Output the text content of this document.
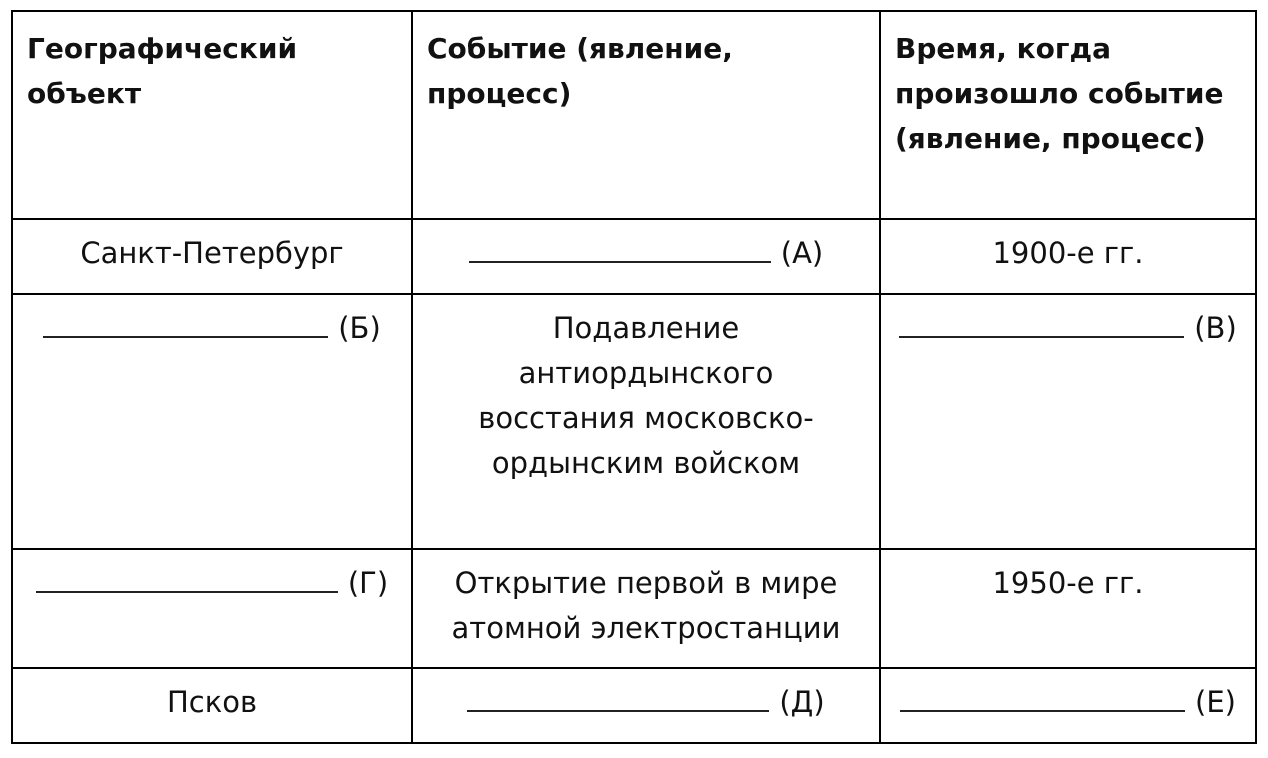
Географический объект	Событие (явление, процесс)	Время, когда произошло событие (явление, процесс)
Санкт-Петербург	(А)	1900-е гг.
(Б)	Подавление антиордынского восстания московско-ордынским войском	(В)
(Г)	Открытие первой в мире атомной электростанции	1950-е гг.
Псков	(Д)	(Е)
